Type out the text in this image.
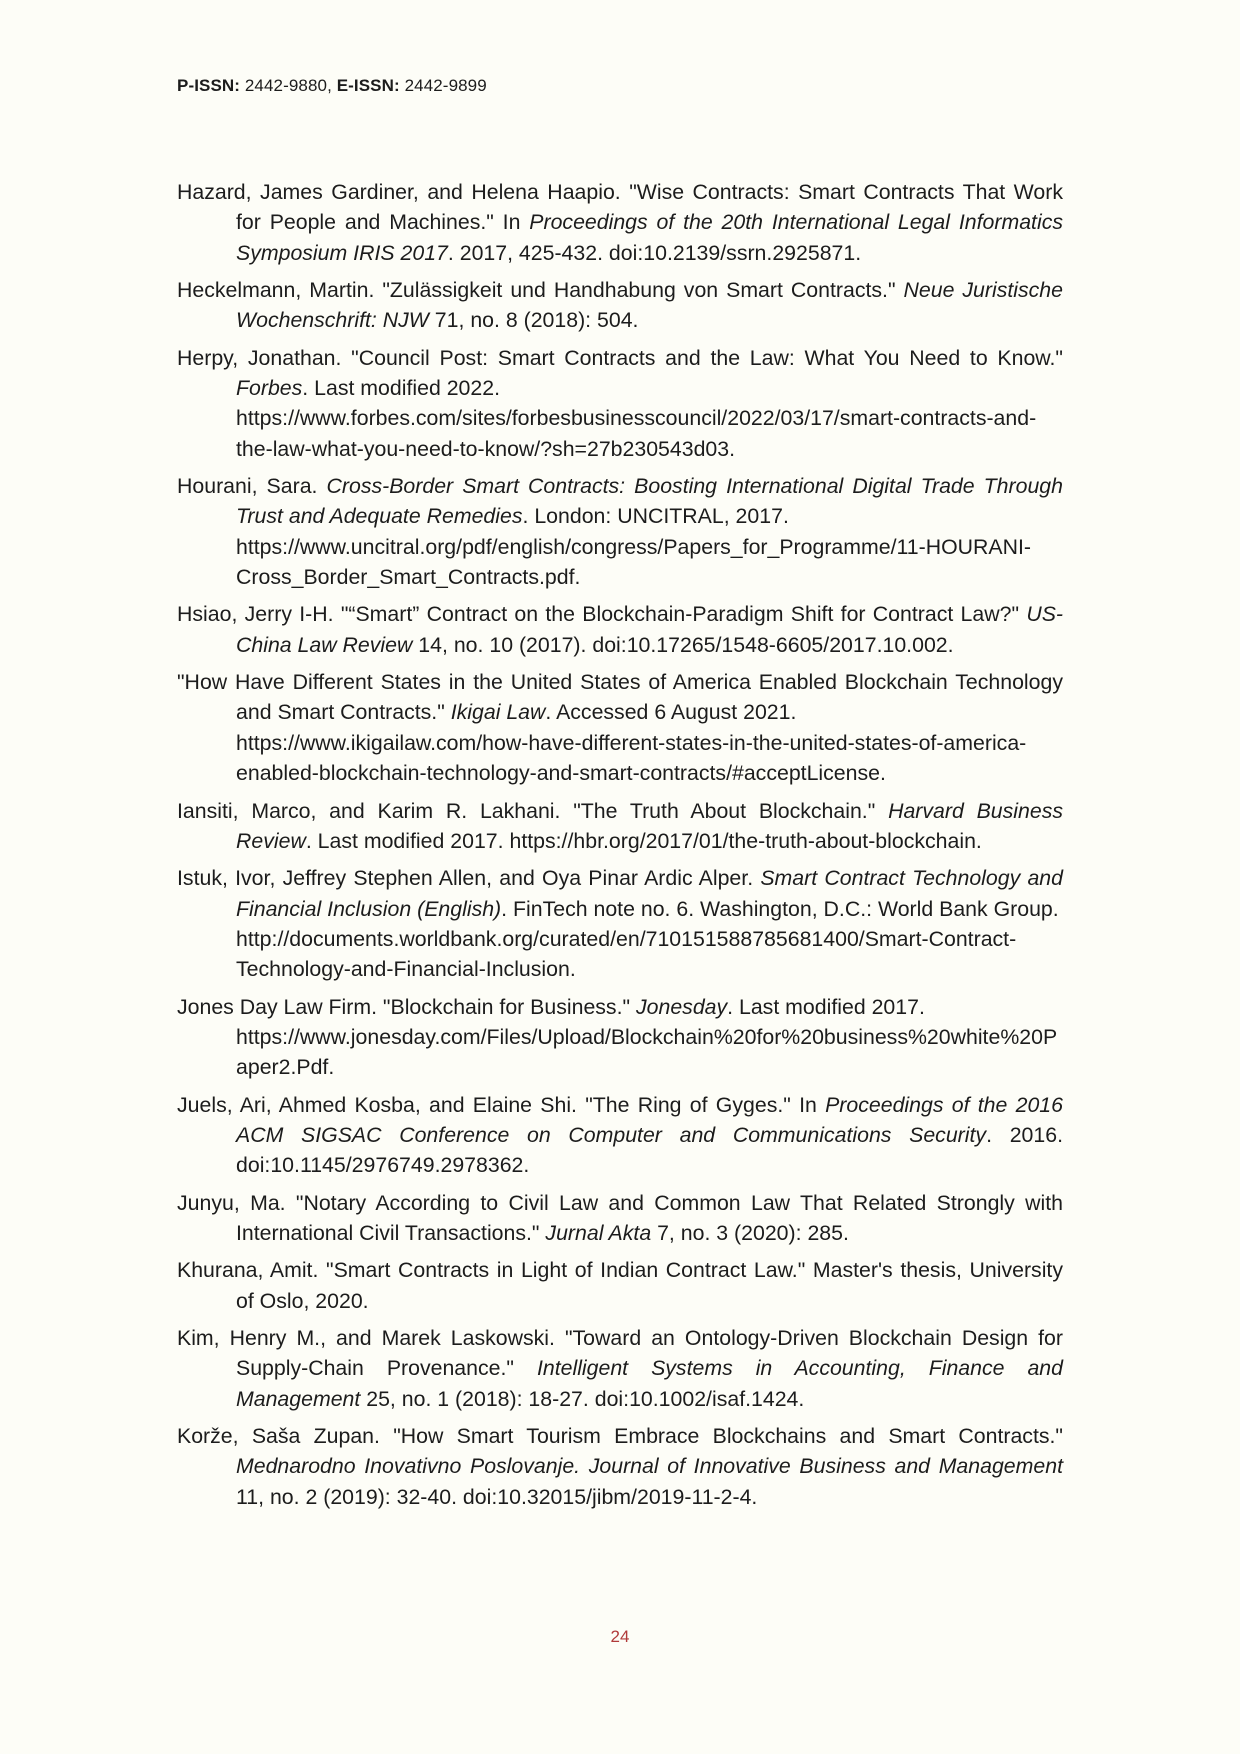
P-ISSN: 2442-9880, E-ISSN: 2442-9899

Hazard, James Gardiner, and Helena Haapio. "Wise Contracts: Smart Contracts That Work for People and Machines." In Proceedings of the 20th International Legal Informatics Symposium IRIS 2017. 2017, 425-432. doi:10.2139/ssrn.2925871.

Heckelmann, Martin. "Zulässigkeit und Handhabung von Smart Contracts." Neue Juristische Wochenschrift: NJW 71, no. 8 (2018): 504.

Herpy, Jonathan. "Council Post: Smart Contracts and the Law: What You Need to Know." Forbes. Last modified 2022.
https://www.forbes.com/sites/forbesbusinesscouncil/2022/03/17/smart-contracts-and-the-law-what-you-need-to-know/?sh=27b230543d03.

Hourani, Sara. Cross-Border Smart Contracts: Boosting International Digital Trade Through Trust and Adequate Remedies. London: UNCITRAL, 2017.
https://www.uncitral.org/pdf/english/congress/Papers_for_Programme/11-HOURANI-Cross_Border_Smart_Contracts.pdf.

Hsiao, Jerry I-H. "“Smart” Contract on the Blockchain-Paradigm Shift for Contract Law?" US-China Law Review 14, no. 10 (2017). doi:10.17265/1548-6605/2017.10.002.

"How Have Different States in the United States of America Enabled Blockchain Technology and Smart Contracts." Ikigai Law. Accessed 6 August 2021.
https://www.ikigailaw.com/how-have-different-states-in-the-united-states-of-america-enabled-blockchain-technology-and-smart-contracts/#acceptLicense.

Iansiti, Marco, and Karim R. Lakhani. "The Truth About Blockchain." Harvard Business Review. Last modified 2017. https://hbr.org/2017/01/the-truth-about-blockchain.

Istuk, Ivor, Jeffrey Stephen Allen, and Oya Pinar Ardic Alper. Smart Contract Technology and Financial Inclusion (English). FinTech note no. 6. Washington, D.C.: World Bank Group.
http://documents.worldbank.org/curated/en/710151588785681400/Smart-Contract-Technology-and-Financial-Inclusion.

Jones Day Law Firm. "Blockchain for Business." Jonesday. Last modified 2017.
https://www.jonesday.com/Files/Upload/Blockchain%20for%20business%20white%20Paper2.Pdf.

Juels, Ari, Ahmed Kosba, and Elaine Shi. "The Ring of Gyges." In Proceedings of the 2016 ACM SIGSAC Conference on Computer and Communications Security. 2016. doi:10.1145/2976749.2978362.

Junyu, Ma. "Notary According to Civil Law and Common Law That Related Strongly with International Civil Transactions." Jurnal Akta 7, no. 3 (2020): 285.

Khurana, Amit. "Smart Contracts in Light of Indian Contract Law." Master's thesis, University of Oslo, 2020.

Kim, Henry M., and Marek Laskowski. "Toward an Ontology-Driven Blockchain Design for Supply-Chain Provenance." Intelligent Systems in Accounting, Finance and Management 25, no. 1 (2018): 18-27. doi:10.1002/isaf.1424.

Korže, Saša Zupan. "How Smart Tourism Embrace Blockchains and Smart Contracts." Mednarodno Inovativno Poslovanje. Journal of Innovative Business and Management 11, no. 2 (2019): 32-40. doi:10.32015/jibm/2019-11-2-4.

24
